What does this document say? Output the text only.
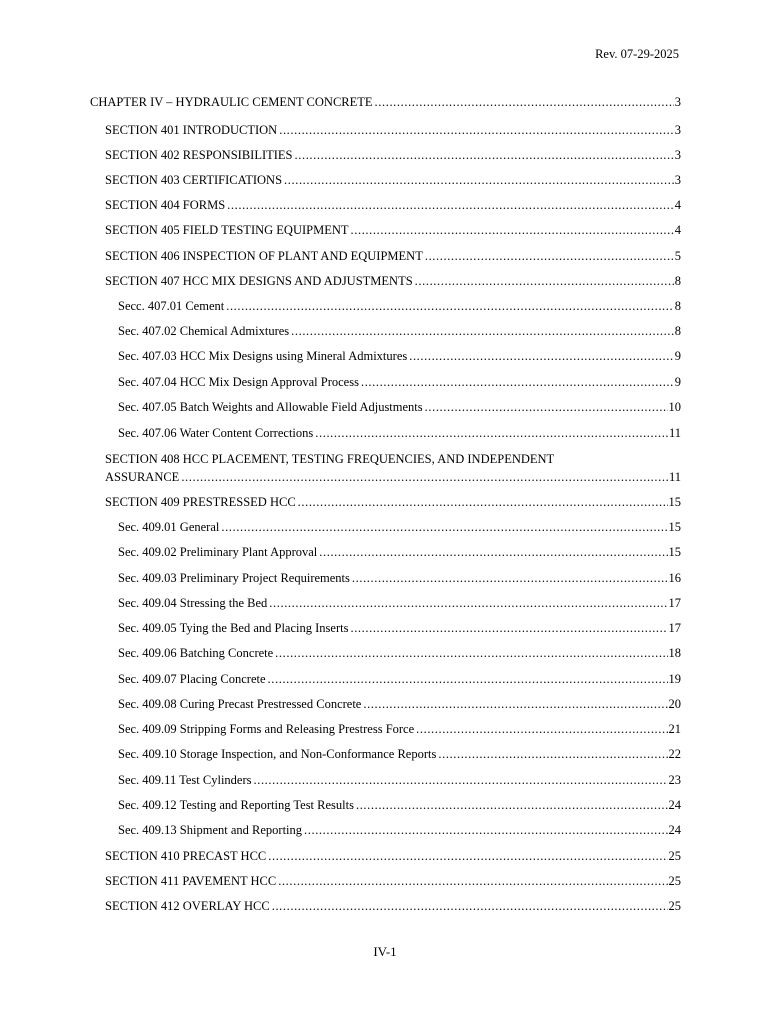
Rev. 07-29-2025
CHAPTER IV – HYDRAULIC CEMENT CONCRETE .....	3
SECTION 401 INTRODUCTION .....	3
SECTION 402 RESPONSIBILITIES .....	3
SECTION 403 CERTIFICATIONS .....	3
SECTION 404 FORMS .....	4
SECTION 405 FIELD TESTING EQUIPMENT .....	4
SECTION 406 INSPECTION OF PLANT AND EQUIPMENT .....	5
SECTION 407 HCC MIX DESIGNS AND ADJUSTMENTS .....	8
Secc. 407.01 Cement .....	8
Sec. 407.02 Chemical Admixtures .....	8
Sec. 407.03 HCC Mix Designs using Mineral Admixtures .....	9
Sec. 407.04 HCC Mix Design Approval Process .....	9
Sec. 407.05 Batch Weights and Allowable Field Adjustments .....	10
Sec. 407.06 Water Content Corrections .....	11
SECTION 408 HCC PLACEMENT, TESTING FREQUENCIES, AND INDEPENDENT
ASSURANCE .....	11
SECTION 409 PRESTRESSED HCC .....	15
Sec. 409.01 General .....	15
Sec. 409.02 Preliminary Plant Approval .....	15
Sec. 409.03 Preliminary Project Requirements .....	16
Sec. 409.04 Stressing the Bed .....	17
Sec. 409.05 Tying the Bed and Placing Inserts .....	17
Sec. 409.06 Batching Concrete .....	18
Sec. 409.07 Placing Concrete .....	19
Sec. 409.08 Curing Precast Prestressed Concrete .....	20
Sec. 409.09 Stripping Forms and Releasing Prestress Force .....	21
Sec. 409.10 Storage Inspection, and Non-Conformance Reports .....	22
Sec. 409.11 Test Cylinders .....	23
Sec. 409.12 Testing and Reporting Test Results .....	24
Sec. 409.13 Shipment and Reporting .....	24
SECTION 410 PRECAST HCC .....	25
SECTION 411 PAVEMENT HCC .....	25
SECTION 412 OVERLAY HCC .....	25
IV-1
